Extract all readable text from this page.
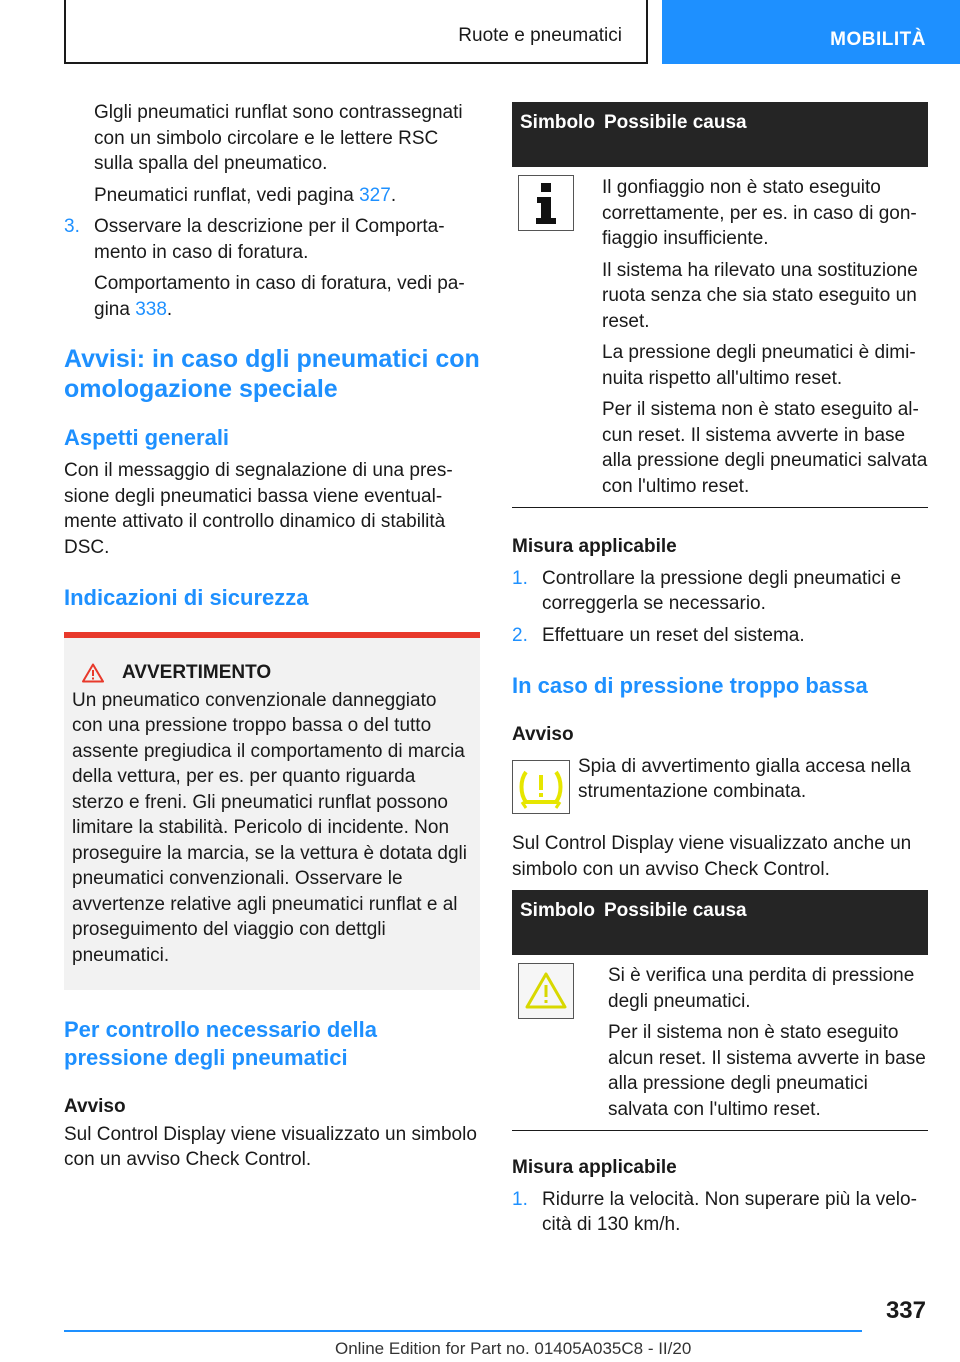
Ruote e pneumatici	MOBILITÀ

Glgli pneumatici runflat sono contrassegnati con un simbolo circolare e le lettere RSC sulla spalla del pneumatico.

Pneumatici runflat, vedi pagina 327.

3. Osservare la descrizione per il Comportamento in caso di foratura.

Comportamento in caso di foratura, vedi pagina 338.

Avvisi: in caso dgli pneumatici con omologazione speciale
Aspetti generali

Con il messaggio di segnalazione di una pressione degli pneumatici bassa viene eventualmente attivato il controllo dinamico di stabilità DSC.

Indicazioni di sicurezza
AVVERTIMENTO

Un pneumatico convenzionale danneggiato con una pressione troppo bassa o del tutto assente pregiudica il comportamento di marcia della vettura, per es. per quanto riguarda sterzo e freni. Gli pneumatici runflat possono limitare la stabilità. Pericolo di incidente. Non proseguire la marcia, se la vettura è dotata dgli pneumatici convenzionali. Osservare le avvertenze relative agli pneumatici runflat e al proseguimento del viaggio con dettgli pneumatici.

Per controllo necessario della pressione degli pneumatici
Avviso

Sul Control Display viene visualizzato un simbolo con un avviso Check Control.

Simbolo Possibile causa

Il gonfiaggio non è stato eseguito correttamente, per es. in caso di gonfiaggio insufficiente.

Il sistema ha rilevato una sostituzione ruota senza che sia stato eseguito un reset.

La pressione degli pneumatici è diminuita rispetto all'ultimo reset.

Per il sistema non è stato eseguito alcun reset. Il sistema avverte in base alla pressione degli pneumatici salvata con l'ultimo reset.

Misura applicabile
1. Controllare la pressione degli pneumatici e correggerla se necessario.
2. Effettuare un reset del sistema.
In caso di pressione troppo bassa
Avviso

Spia di avvertimento gialla accesa nella strumentazione combinata.

Sul Control Display viene visualizzato anche un simbolo con un avviso Check Control.

Simbolo Possibile causa

Si è verifica una perdita di pressione degli pneumatici.

Per il sistema non è stato eseguito alcun reset. Il sistema avverte in base alla pressione degli pneumatici salvata con l'ultimo reset.

Misura applicabile
1. Ridurre la velocità. Non superare più la velocità di 130 km/h.
337
Online Edition for Part no. 01405A035C8 - II/20
